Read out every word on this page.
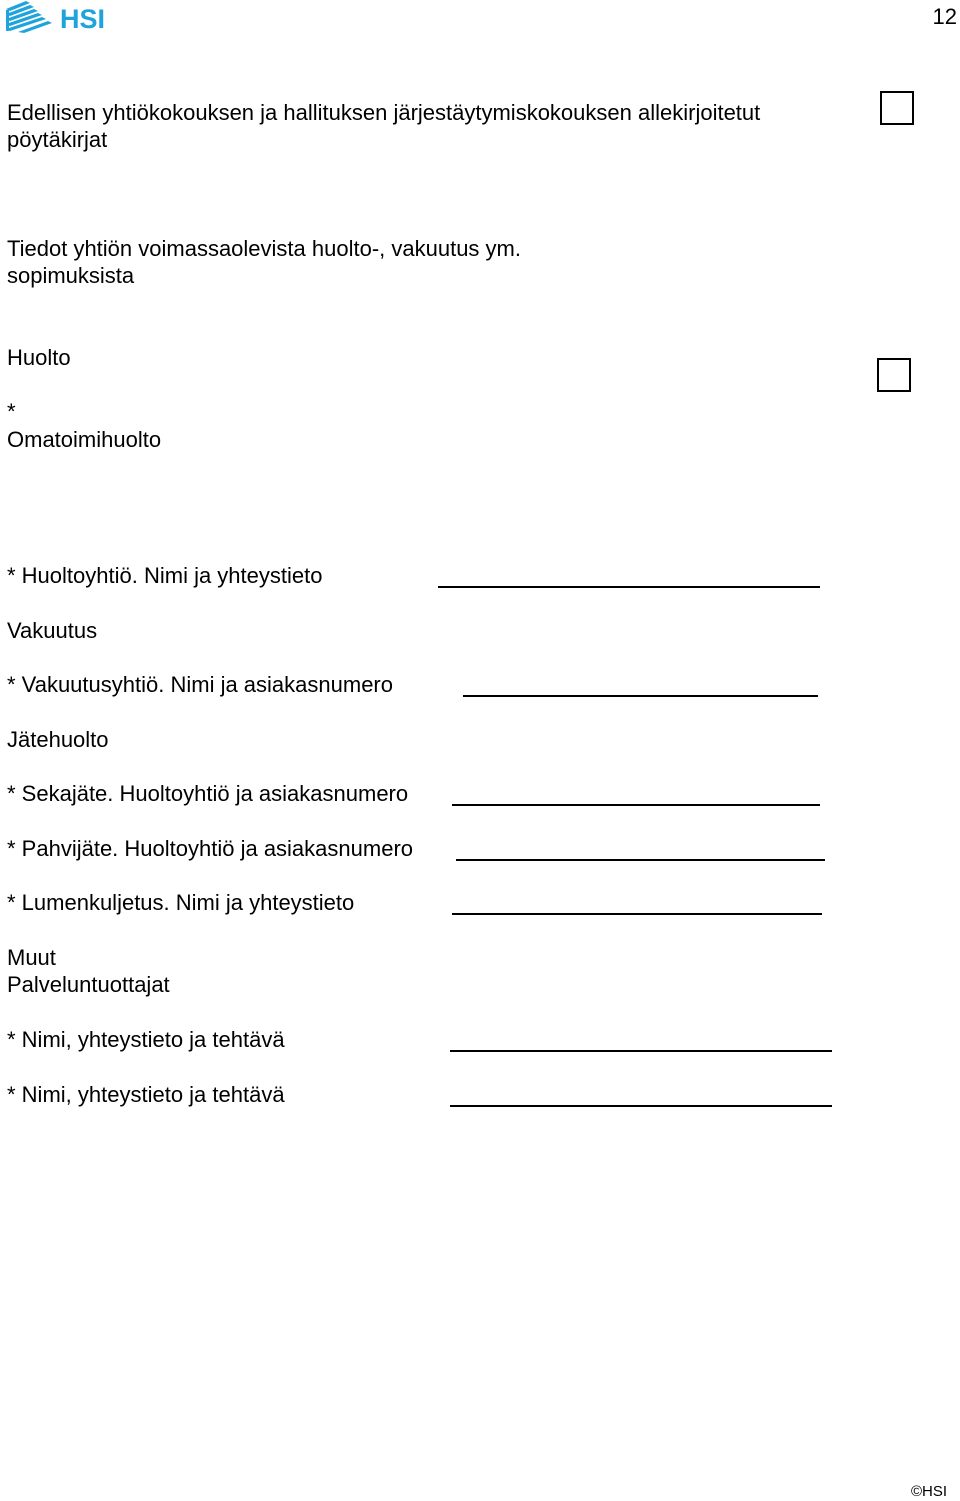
HSI	12
Edellisen yhtiökokouksen ja hallituksen järjestäytymiskokouksen allekirjoitetut
pöytäkirjat
Tiedot yhtiön voimassaolevista huolto-, vakuutus ym.
sopimuksista
Huolto
*
Omatoimihuolto
* Huoltoyhtiö. Nimi ja yhteystieto
Vakuutus
* Vakuutusyhtiö. Nimi ja asiakasnumero
Jätehuolto
* Sekajäte. Huoltoyhtiö ja asiakasnumero
* Pahvijäte. Huoltoyhtiö ja asiakasnumero
* Lumenkuljetus. Nimi ja yhteystieto
Muut
Palveluntuottajat
* Nimi, yhteystieto ja tehtävä
* Nimi, yhteystieto ja tehtävä
©HSI
